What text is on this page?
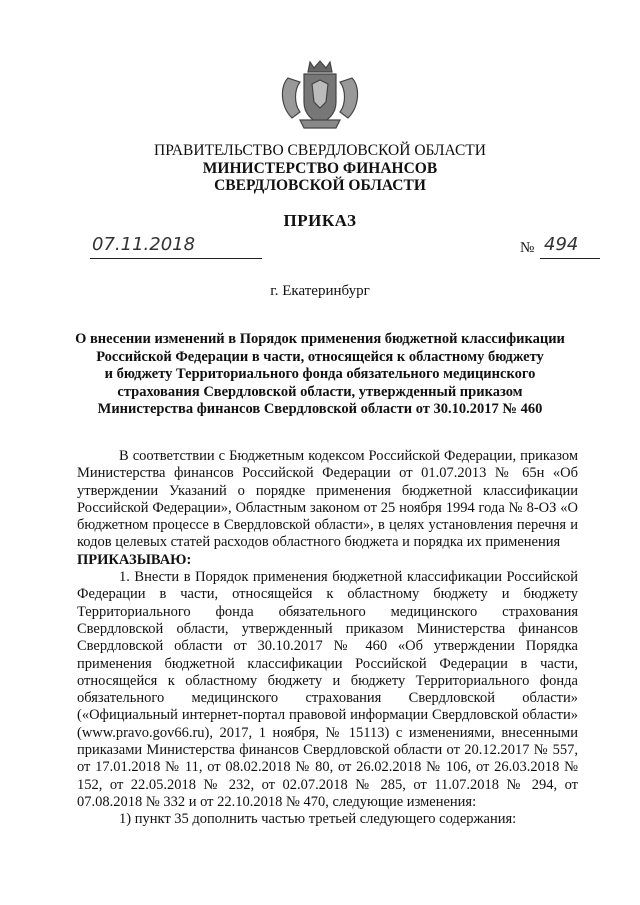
ПРАВИТЕЛЬСТВО СВЕРДЛОВСКОЙ ОБЛАСТИ
МИНИСТЕРСТВО ФИНАНСОВ
СВЕРДЛОВСКОЙ ОБЛАСТИ
ПРИКАЗ
07.11.2018	№ 494
г. Екатеринбург
О внесении изменений в Порядок применения бюджетной классификации
Российской Федерации в части, относящейся к областному бюджету
и бюджету Территориального фонда обязательного медицинского
страхования Свердловской области, утвержденный приказом
Министерства финансов Свердловской области от 30.10.2017 № 460

В соответствии с Бюджетным кодексом Российской Федерации, приказом Министерства финансов Российской Федерации от 01.07.2013 № 65н «Об утверждении Указаний о порядке применения бюджетной классификации Российской Федерации», Областным законом от 25 ноября 1994 года № 8-ОЗ «О бюджетном процессе в Свердловской области», в целях установления перечня и кодов целевых статей расходов областного бюджета и порядка их применения

ПРИКАЗЫВАЮ:

1. Внести в Порядок применения бюджетной классификации Российской Федерации в части, относящейся к областному бюджету и бюджету Территориального фонда обязательного медицинского страхования Свердловской области, утвержденный приказом Министерства финансов Свердловской области от 30.10.2017 № 460 «Об утверждении Порядка применения бюджетной классификации Российской Федерации в части, относящейся к областному бюджету и бюджету Территориального фонда обязательного медицинского страхования Свердловской области» («Официальный интернет-портал правовой информации Свердловской области» (www.pravo.gov66.ru), 2017, 1 ноября, № 15113) с изменениями, внесенными приказами Министерства финансов Свердловской области от 20.12.2017 № 557, от 17.01.2018 № 11, от 08.02.2018 № 80, от 26.02.2018 № 106, от 26.03.2018 № 152, от 22.05.2018 № 232, от 02.07.2018 № 285, от 11.07.2018 № 294, от 07.08.2018 № 332 и от 22.10.2018 № 470, следующие изменения:

1) пункт 35 дополнить частью третьей следующего содержания:
